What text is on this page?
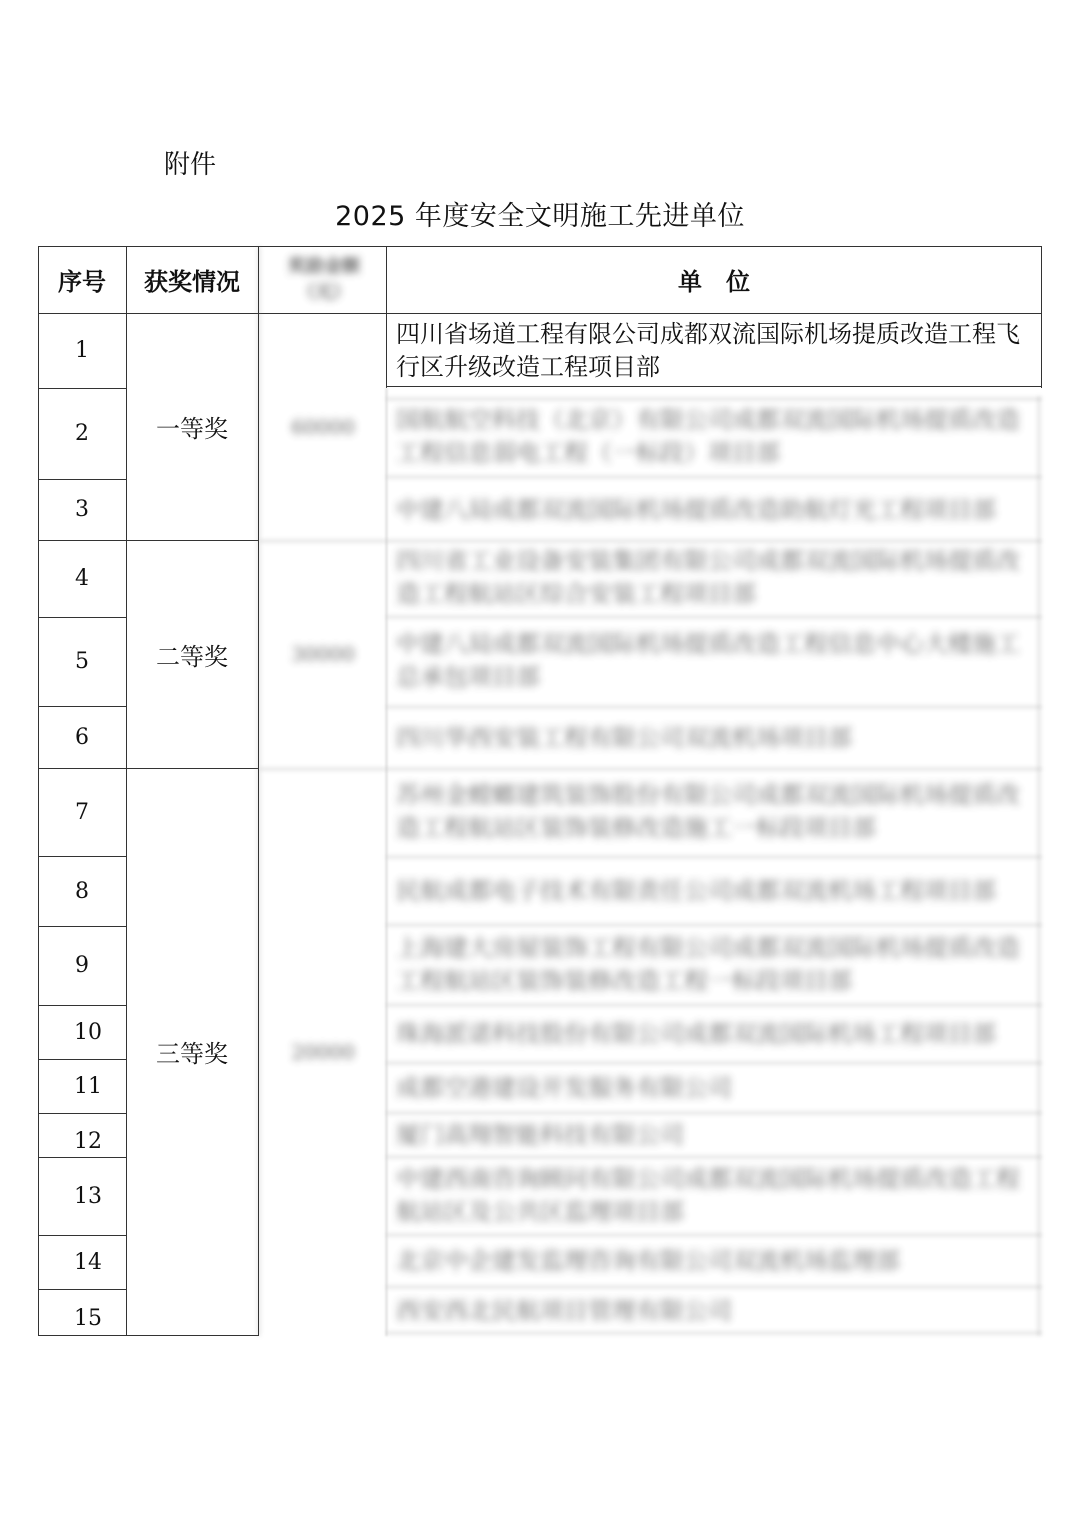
附件
2025 年度安全文明施工先进单位
序号	获奖情况
奖励金额（元）	单　位
1
2
3
4
5
6
7
8
9
10
11
12
13
14
15
一等奖
二等奖
三等奖
60000
30000
20000
四川省场道工程有限公司成都双流国际机场提质改造工程飞行区升级改造工程项目部
国航航空科技（北京）有限公司成都双流国际机场提质改造工程信息弱电工程（一标段）项目部
中建八局成都双流国际机场提质改造助航灯光工程项目部
四川省工业设备安装集团有限公司成都双流国际机场提质改造工程航站区综合安装工程项目部
中建八局成都双流国际机场提质改造工程信息中心大楼施工总承包项目部
四川华西安装工程有限公司双流机场项目部
苏州金螳螂建筑装饰股份有限公司成都双流国际机场提质改造工程航站区装饰装修改造施工一标段项目部
民航成都电子技术有限责任公司成都双流机场工程项目部
上海建大房屋装饰工程有限公司成都双流国际机场提质改造工程航站区装饰装修改造工程一标段项目部
珠海派诺科技股份有限公司成都双流国际机场工程项目部
成都空港建设开发服务有限公司
厦门高翔智能科技有限公司
中建西南咨询顾问有限公司成都双流国际机场提质改造工程航站区及公共区监理项目部
北京中企建发监理咨询有限公司双流机场监理部
西安西北民航项目管理有限公司
